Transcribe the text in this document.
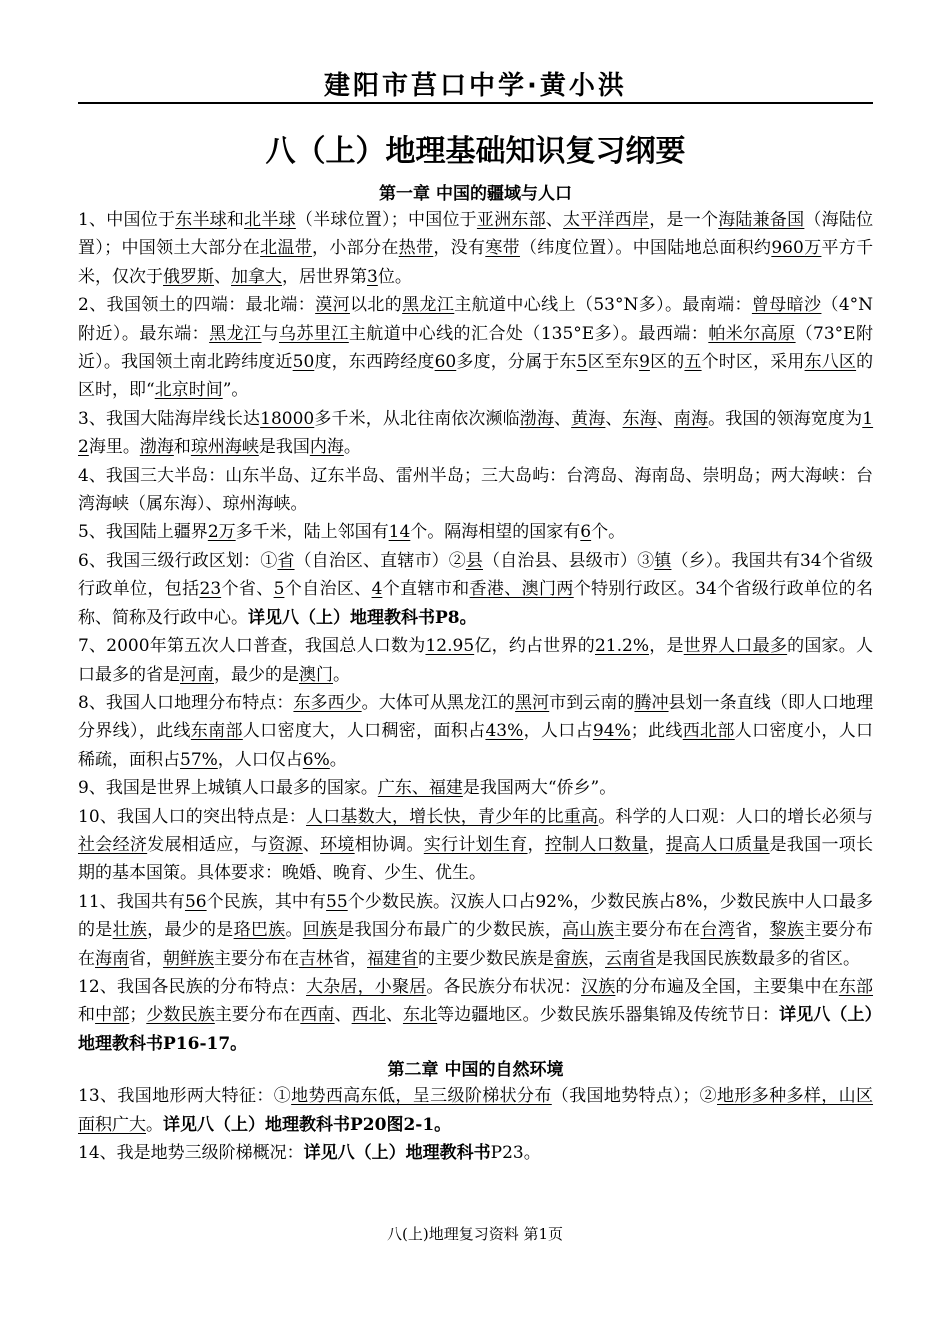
建阳市莒口中学·黄小洪
八（上）地理基础知识复习纲要
第一章 中国的疆域与人口

1、中国位于东半球和北半球（半球位置）；中国位于亚洲东部、太平洋西岸，是一个海陆兼备国（海陆位置）；中国领土大部分在北温带，小部分在热带，没有寒带（纬度位置）。中国陆地总面积约960万平方千米，仅次于俄罗斯、加拿大，居世界第3位。

2、我国领土的四端：最北端：漠河以北的黑龙江主航道中心线上（53°N多）。最南端：曾母暗沙（4°N附近）。最东端：黑龙江与乌苏里江主航道中心线的汇合处（135°E多）。最西端：帕米尔高原（73°E附近）。我国领土南北跨纬度近50度，东西跨经度60多度，分属于东5区至东9区的五个时区，采用东八区的区时，即“北京时间”。

3、我国大陆海岸线长达18000多千米，从北往南依次濒临渤海、黄海、东海、南海。我国的领海宽度为12海里。渤海和琼州海峡是我国内海。

4、我国三大半岛：山东半岛、辽东半岛、雷州半岛；三大岛屿：台湾岛、海南岛、崇明岛；两大海峡：台湾海峡（属东海）、琼州海峡。

5、我国陆上疆界2万多千米，陆上邻国有14个。隔海相望的国家有6个。

6、我国三级行政区划：①省（自治区、直辖市）②县（自治县、县级市）③镇（乡）。我国共有34个省级行政单位，包括23个省、5个自治区、4个直辖市和香港、澳门两个特别行政区。34个省级行政单位的名称、简称及行政中心。详见八（上）地理教科书P8。

7、2000年第五次人口普查，我国总人口数为12.95亿，约占世界的21.2%，是世界人口最多的国家。人口最多的省是河南，最少的是澳门。

8、我国人口地理分布特点：东多西少。大体可从黑龙江的黑河市到云南的腾冲县划一条直线（即人口地理分界线），此线东南部人口密度大，人口稠密，面积占43%，人口占94%；此线西北部人口密度小，人口稀疏，面积占57%，人口仅占6%。

9、我国是世界上城镇人口最多的国家。广东、福建是我国两大“侨乡”。

10、我国人口的突出特点是：人口基数大，增长快，青少年的比重高。科学的人口观：人口的增长必须与社会经济发展相适应，与资源、环境相协调。实行计划生育，控制人口数量，提高人口质量是我国一项长期的基本国策。具体要求：晚婚、晚育、少生、优生。

11、我国共有56个民族，其中有55个少数民族。汉族人口占92%，少数民族占8%，少数民族中人口最多的是壮族，最少的是珞巴族。回族是我国分布最广的少数民族，高山族主要分布在台湾省，黎族主要分布在海南省，朝鲜族主要分布在吉林省，福建省的主要少数民族是畲族，云南省是我国民族数最多的省区。

12、我国各民族的分布特点：大杂居，小聚居。各民族分布状况：汉族的分布遍及全国，主要集中在东部和中部；少数民族主要分布在西南、西北、东北等边疆地区。少数民族乐器集锦及传统节日：详见八（上）地理教科书P16-17。

第二章 中国的自然环境

13、我国地形两大特征：①地势西高东低，呈三级阶梯状分布（我国地势特点）；②地形多种多样，山区面积广大。详见八（上）地理教科书P20图2-1。

14、我是地势三级阶梯概况：详见八（上）地理教科书P23。

八(上)地理复习资料 第1页
